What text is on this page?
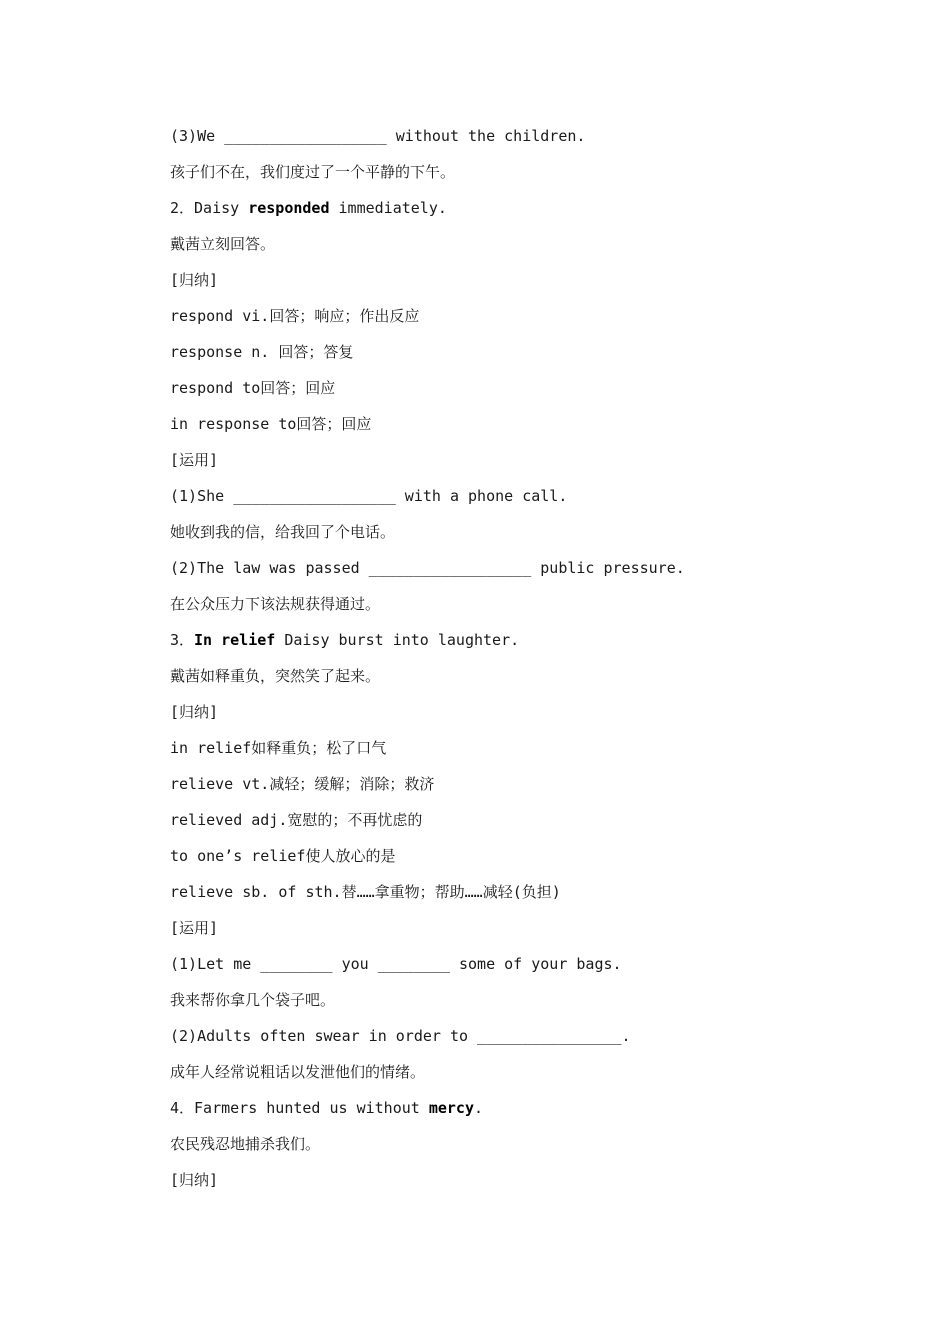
(3)We __________________ without the children.
孩子们不在，我们度过了一个平静的下午。
2．Daisy responded immediately.
戴茜立刻回答。
[归纳]
respond vi.回答；响应；作出反应
response n. 回答；答复
respond to回答；回应
in response to回答；回应
[运用]
(1)She __________________ with a phone call.
她收到我的信，给我回了个电话。
(2)The law was passed __________________ public pressure.
在公众压力下该法规获得通过。
3．In relief Daisy burst into laughter.
戴茜如释重负，突然笑了起来。
[归纳]
in relief如释重负；松了口气
relieve vt.减轻；缓解；消除；救济
relieved adj.宽慰的；不再忧虑的
to one’s relief使人放心的是
relieve sb. of sth.替……拿重物；帮助……减轻(负担)
[运用]
(1)Let me ________ you ________ some of your bags.
我来帮你拿几个袋子吧。
(2)Adults often swear in order to ________________.
成年人经常说粗话以发泄他们的情绪。
4．Farmers hunted us without mercy.
农民残忍地捕杀我们。
[归纳]
